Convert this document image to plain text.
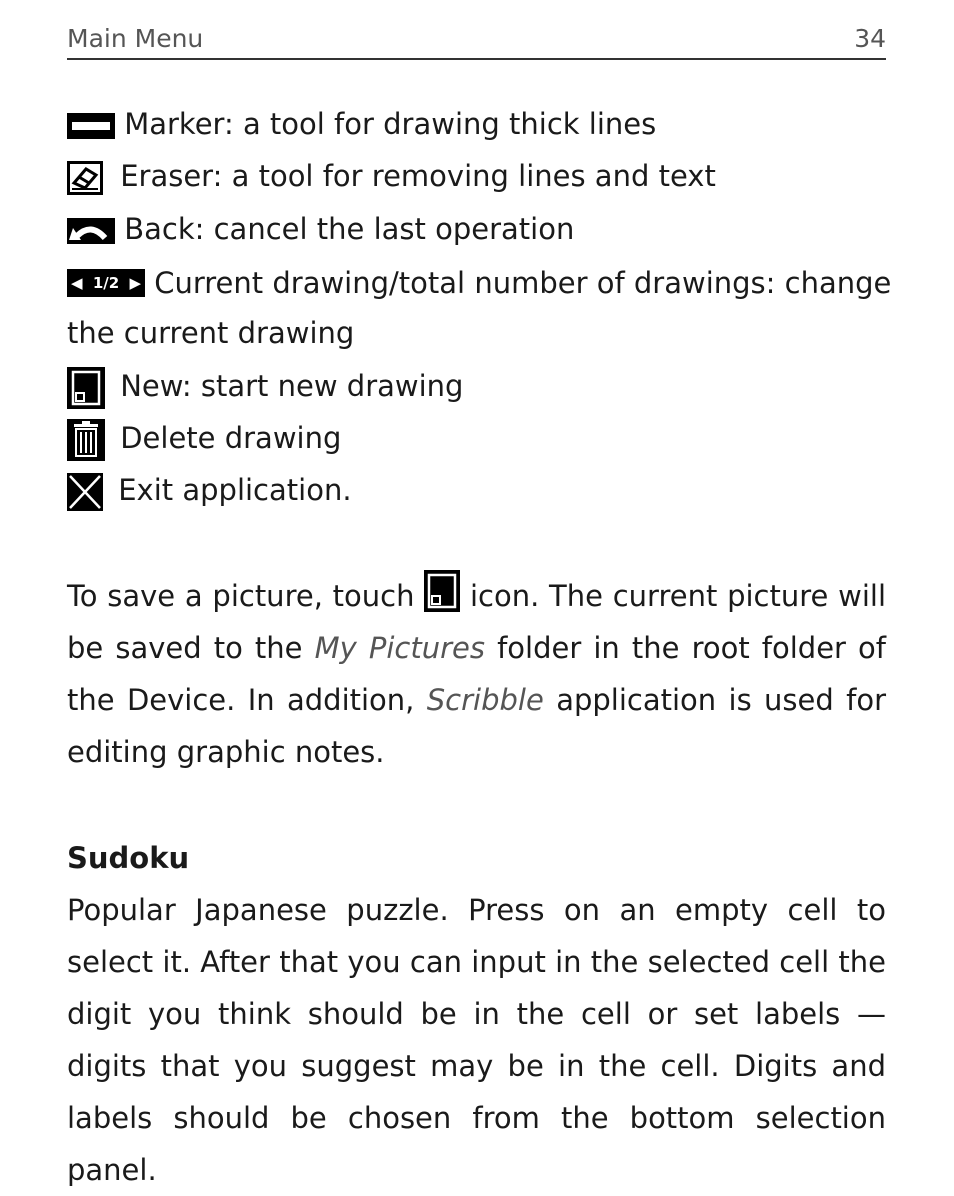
Main Menu	34
Marker: a tool for drawing thick lines
Eraser: a tool for removing lines and text
Back: cancel the last operation
◀ 1/2 ▶ Current drawing/total number of drawings: change
the current drawing
New: start new drawing
Delete drawing
Exit application.
To save a picture, touch icon. The current picture will be saved to the My Pictures folder in the root folder of the Device. In addition, Scribble application is used for editing graphic notes.
Sudoku
Popular Japanese puzzle. Press on an empty cell to select it. After that you can input in the selected cell the digit you think should be in the cell or set labels — digits that you suggest may be in the cell. Digits and labels should be chosen from the bottom selection panel.
